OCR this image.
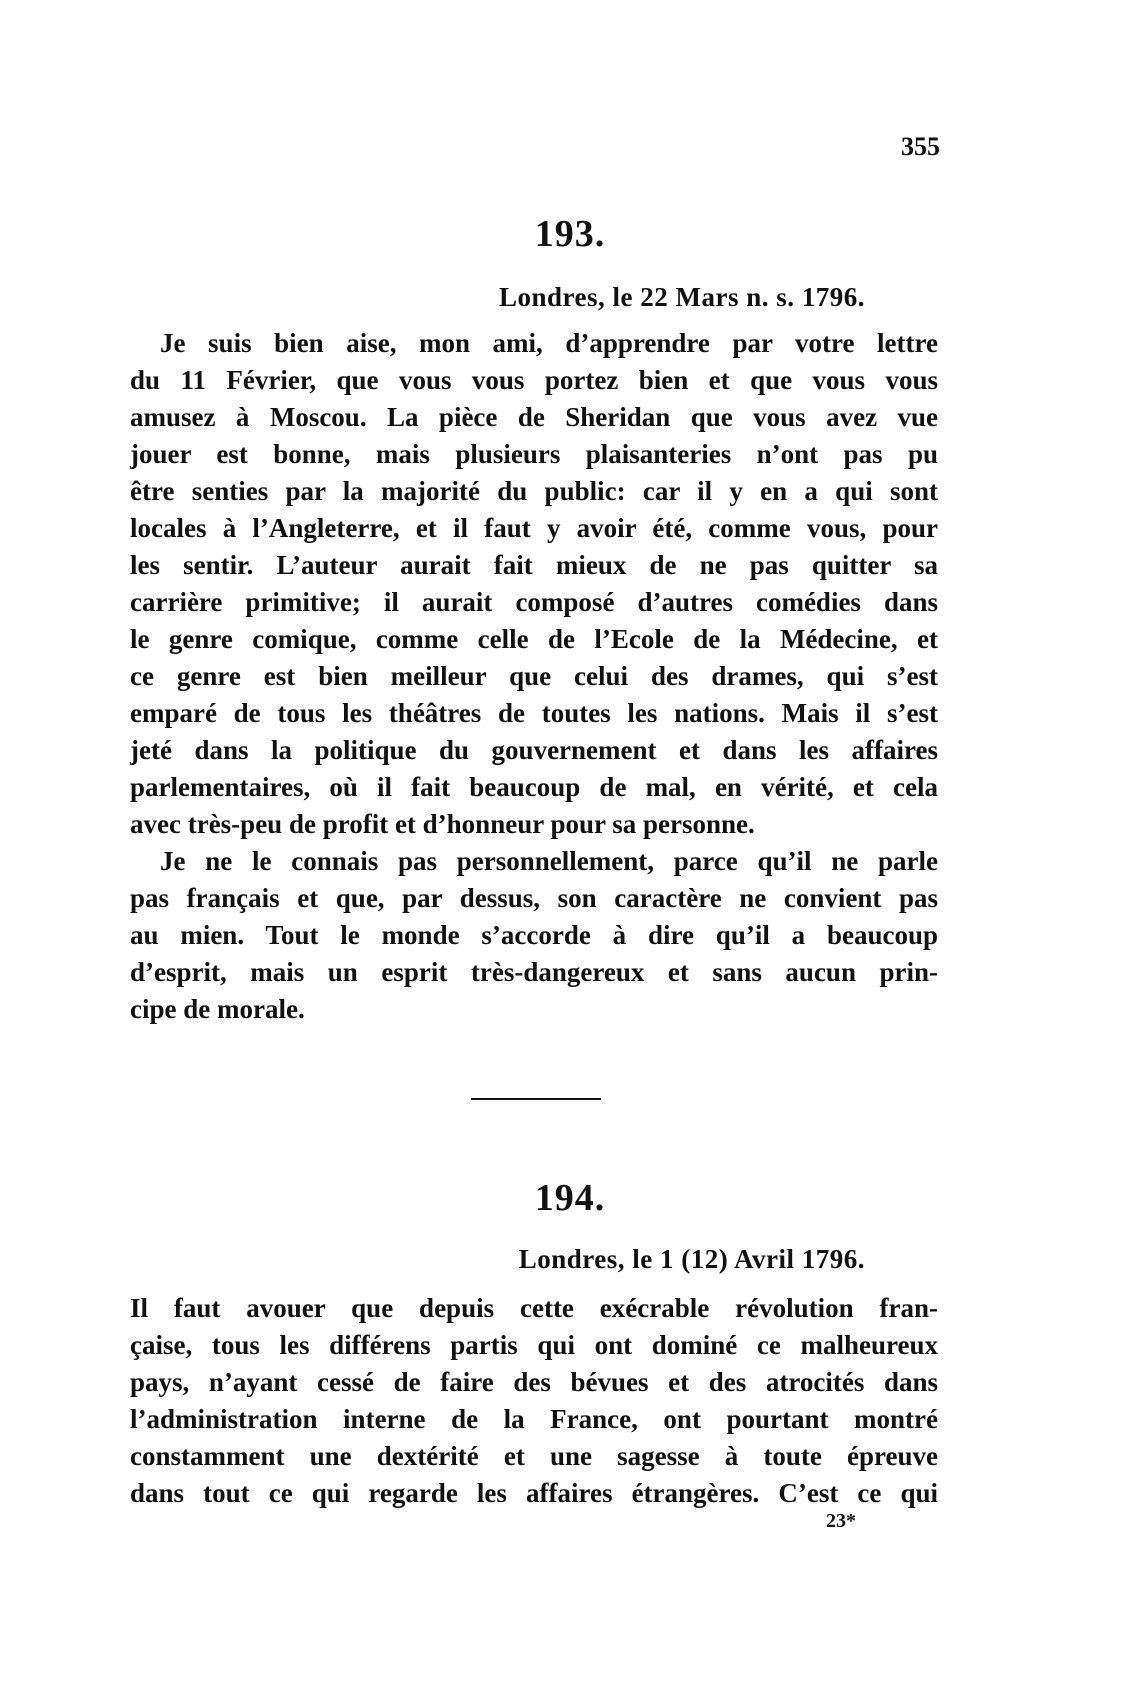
355
193.
Londres, le 22 Mars n. s. 1796.
Je suis bien aise, mon ami, d’apprendre par votre lettre
du 11 Février, que vous vous portez bien et que vous vous
amusez à Moscou. La pièce de Sheridan que vous avez vue
jouer est bonne, mais plusieurs plaisanteries n’ont pas pu
être senties par la majorité du public: car il y en a qui sont
locales à l’Angleterre, et il faut y avoir été, comme vous, pour
les sentir. L’auteur aurait fait mieux de ne pas quitter sa
carrière primitive; il aurait composé d’autres comédies dans
le genre comique, comme celle de l’Ecole de la Médecine, et
ce genre est bien meilleur que celui des drames, qui s’est
emparé de tous les théâtres de toutes les nations. Mais il s’est
jeté dans la politique du gouvernement et dans les affaires
parlementaires, où il fait beaucoup de mal, en vérité, et cela
avec très-peu de profit et d’honneur pour sa personne.
Je ne le connais pas personnellement, parce qu’il ne parle
pas français et que, par dessus, son caractère ne convient pas
au mien. Tout le monde s’accorde à dire qu’il a beaucoup
d’esprit, mais un esprit très-dangereux et sans aucun prin-
cipe de morale.
194.
Londres, le 1 (12) Avril 1796.
Il faut avouer que depuis cette exécrable révolution fran-
çaise, tous les différens partis qui ont dominé ce malheureux
pays, n’ayant cessé de faire des bévues et des atrocités dans
l’administration interne de la France, ont pourtant montré
constamment une dextérité et une sagesse à toute épreuve
dans tout ce qui regarde les affaires étrangères. C’est ce qui
23*
